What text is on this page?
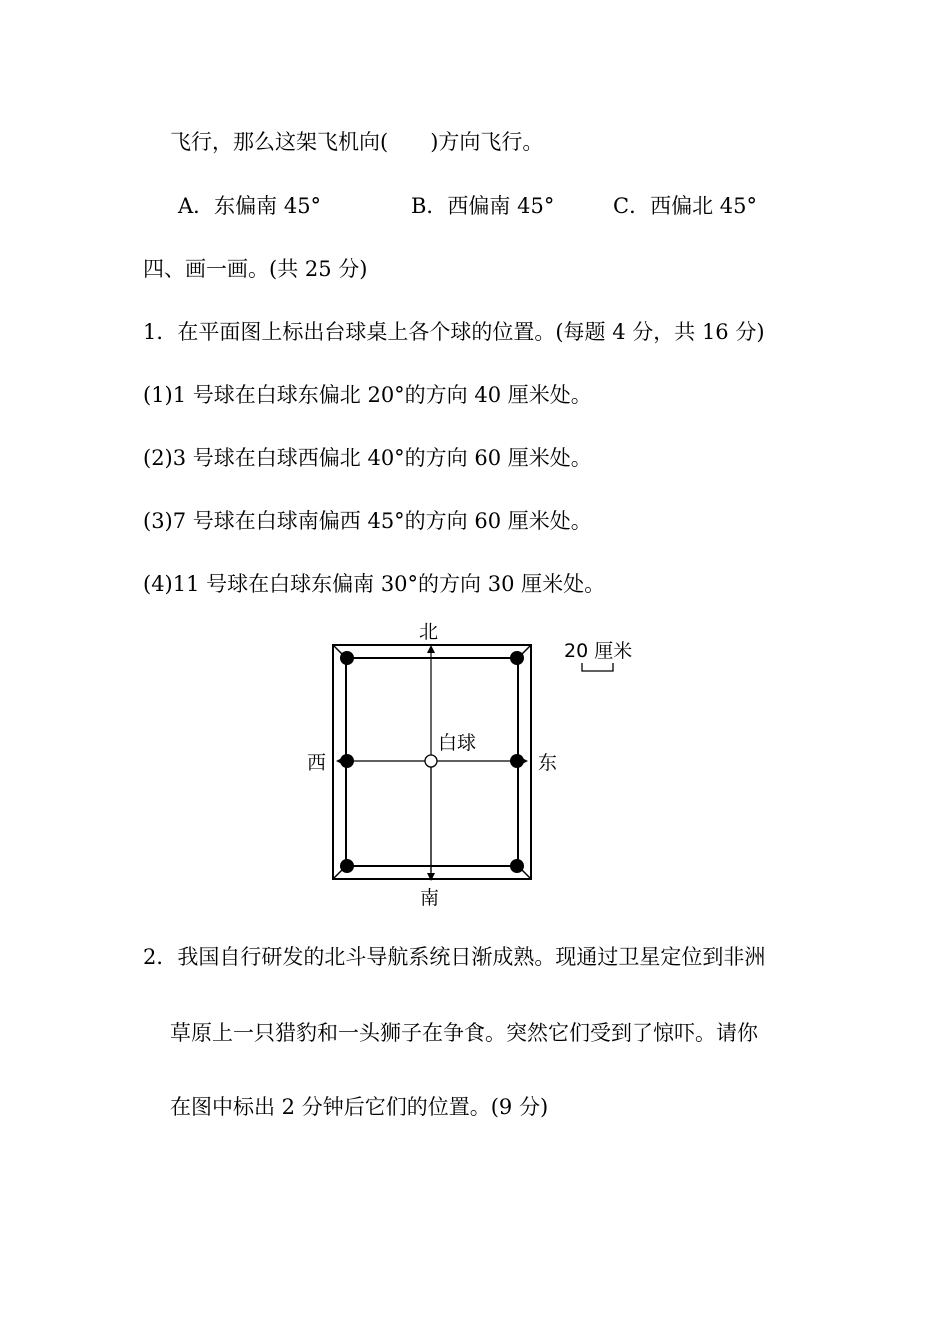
飞行，那么这架飞机向(　　)方向飞行。
A．东偏南 45°	B．西偏南 45°	C．西偏北 45°
四、画一画。(共 25 分)
1．在平面图上标出台球桌上各个球的位置。(每题 4 分，共 16 分)
(1)1 号球在白球东偏北 20°的方向 40 厘米处。
(2)3 号球在白球西偏北 40°的方向 60 厘米处。
(3)7 号球在白球南偏西 45°的方向 60 厘米处。
(4)11 号球在白球东偏南 30°的方向 30 厘米处。
北
南
西	东
白球
20 厘米
2．我国自行研发的北斗导航系统日渐成熟。现通过卫星定位到非洲
草原上一只猎豹和一头狮子在争食。突然它们受到了惊吓。请你
在图中标出 2 分钟后它们的位置。(9 分)
